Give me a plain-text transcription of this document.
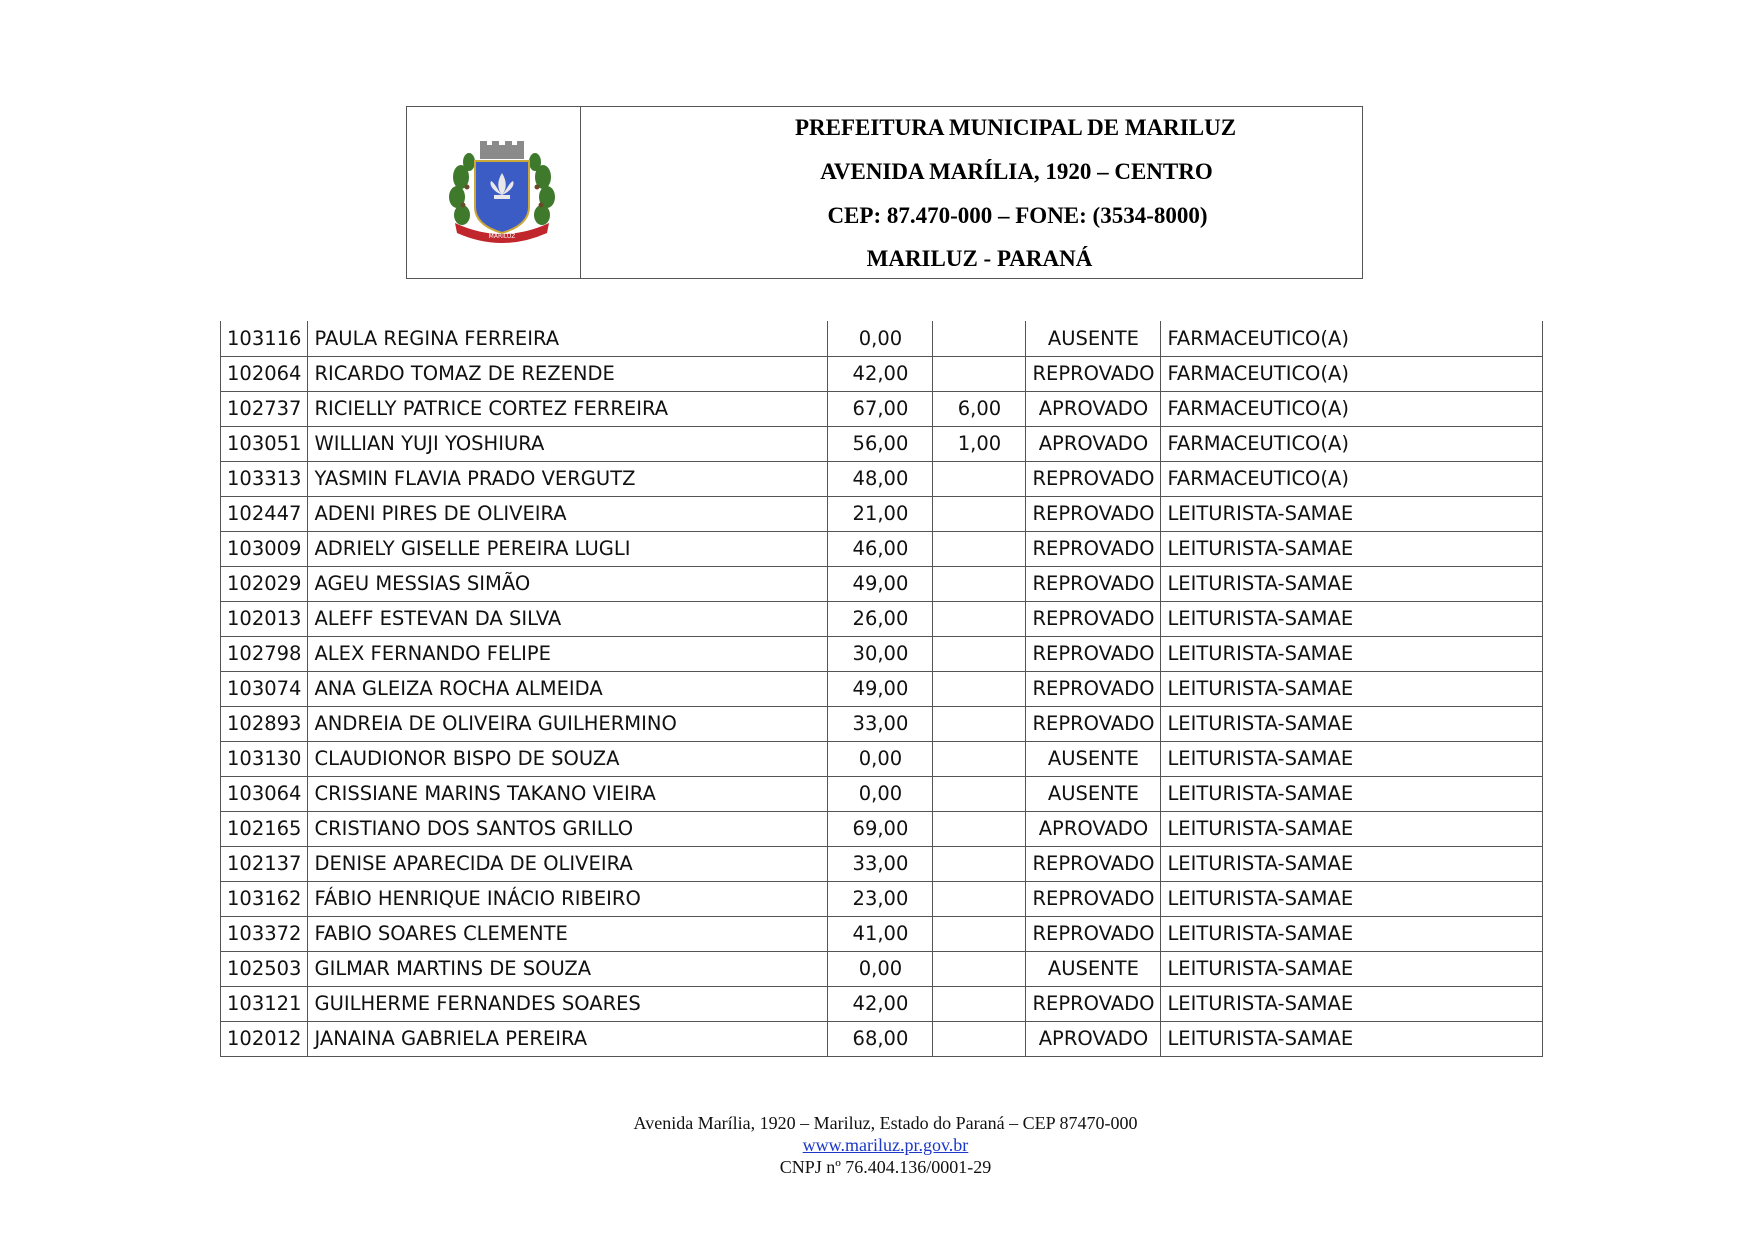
MARILUZ
PREFEITURA MUNICIPAL DE MARILUZ
AVENIDA MARÍLIA, 1920 – CENTRO
CEP: 87.470-000 – FONE: (3534-8000)
MARILUZ - PARANÁ
103116	PAULA REGINA FERREIRA	0,00		AUSENTE	FARMACEUTICO(A)
102064	RICARDO TOMAZ DE REZENDE	42,00		REPROVADO	FARMACEUTICO(A)
102737	RICIELLY PATRICE CORTEZ FERREIRA	67,00	6,00	APROVADO	FARMACEUTICO(A)
103051	WILLIAN YUJI YOSHIURA	56,00	1,00	APROVADO	FARMACEUTICO(A)
103313	YASMIN FLAVIA PRADO VERGUTZ	48,00		REPROVADO	FARMACEUTICO(A)
102447	ADENI PIRES DE OLIVEIRA	21,00		REPROVADO	LEITURISTA-SAMAE
103009	ADRIELY GISELLE PEREIRA LUGLI	46,00		REPROVADO	LEITURISTA-SAMAE
102029	AGEU MESSIAS SIMÃO	49,00		REPROVADO	LEITURISTA-SAMAE
102013	ALEFF ESTEVAN DA SILVA	26,00		REPROVADO	LEITURISTA-SAMAE
102798	ALEX FERNANDO FELIPE	30,00		REPROVADO	LEITURISTA-SAMAE
103074	ANA GLEIZA ROCHA ALMEIDA	49,00		REPROVADO	LEITURISTA-SAMAE
102893	ANDREIA DE OLIVEIRA GUILHERMINO	33,00		REPROVADO	LEITURISTA-SAMAE
103130	CLAUDIONOR BISPO DE SOUZA	0,00		AUSENTE	LEITURISTA-SAMAE
103064	CRISSIANE MARINS TAKANO VIEIRA	0,00		AUSENTE	LEITURISTA-SAMAE
102165	CRISTIANO DOS SANTOS GRILLO	69,00		APROVADO	LEITURISTA-SAMAE
102137	DENISE APARECIDA DE OLIVEIRA	33,00		REPROVADO	LEITURISTA-SAMAE
103162	FÁBIO HENRIQUE INÁCIO RIBEIRO	23,00		REPROVADO	LEITURISTA-SAMAE
103372	FABIO SOARES CLEMENTE	41,00		REPROVADO	LEITURISTA-SAMAE
102503	GILMAR MARTINS DE SOUZA	0,00		AUSENTE	LEITURISTA-SAMAE
103121	GUILHERME FERNANDES SOARES	42,00		REPROVADO	LEITURISTA-SAMAE
102012	JANAINA GABRIELA PEREIRA	68,00		APROVADO	LEITURISTA-SAMAE
Avenida Marília, 1920 – Mariluz, Estado do Paraná – CEP 87470-000
www.mariluz.pr.gov.br
CNPJ nº 76.404.136/0001-29
